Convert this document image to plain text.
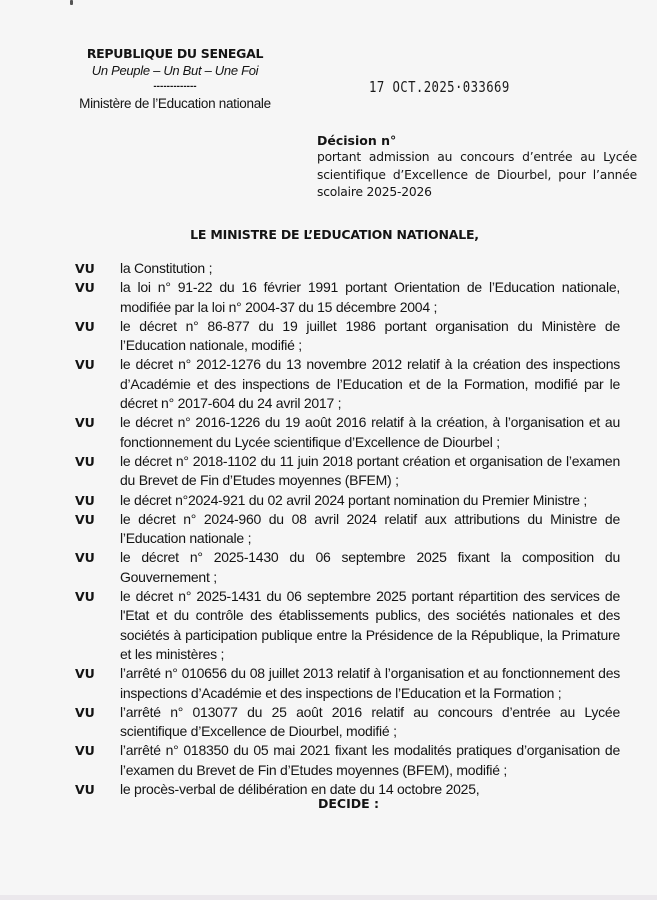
REPUBLIQUE DU SENEGAL
Un Peuple – Un But – Une Foi
-------------
Ministère de l’Education nationale
17 OCT.2025·033669
Décision n°
portant admission au concours d’entrée au Lycée scientifique d’Excellence de Diourbel, pour l’année scolaire 2025-2026
LE MINISTRE DE L’EDUCATION NATIONALE,
VU	la Constitution ;
VU	la loi n° 91-22 du 16 février 1991 portant Orientation de l’Education nationale, modifiée par la loi n° 2004-37 du 15 décembre 2004 ;
VU	le décret n° 86-877 du 19 juillet 1986 portant organisation du Ministère de l’Education nationale, modifié ;
VU	le décret n° 2012-1276 du 13 novembre 2012 relatif à la création des inspections d’Académie et des inspections de l’Education et de la Formation, modifié par le décret n° 2017-604 du 24 avril 2017 ;
VU	le décret n° 2016-1226 du 19 août 2016 relatif à la création, à l’organisation et au fonctionnement du Lycée scientifique d’Excellence de Diourbel ;
VU	le décret n° 2018-1102 du 11 juin 2018 portant création et organisation de l’examen du Brevet de Fin d’Etudes moyennes (BFEM) ;
VU	le décret n°2024-921 du 02 avril 2024 portant nomination du Premier Ministre ;
VU	le décret n° 2024-960 du 08 avril 2024 relatif aux attributions du Ministre de l’Education nationale ;
VU	le décret n° 2025-1430 du 06 septembre 2025 fixant la composition du Gouvernement ;
VU	le décret n° 2025-1431 du 06 septembre 2025 portant répartition des services de l'Etat et du contrôle des établissements publics, des sociétés nationales et des sociétés à participation publique entre la Présidence de la République, la Primature et les ministères ;
VU	l’arrêté n° 010656 du 08 juillet 2013 relatif à l’organisation et au fonctionnement des inspections d’Académie et des inspections de l’Education et la Formation ;
VU	l’arrêté n° 013077 du 25 août 2016 relatif au concours d’entrée au Lycée scientifique d’Excellence de Diourbel, modifié ;
VU	l’arrêté n° 018350 du 05 mai 2021 fixant les modalités pratiques d’organisation de l’examen du Brevet de Fin d’Etudes moyennes (BFEM), modifié ;
VU	le procès-verbal de délibération en date du 14 octobre 2025,
DECIDE :
